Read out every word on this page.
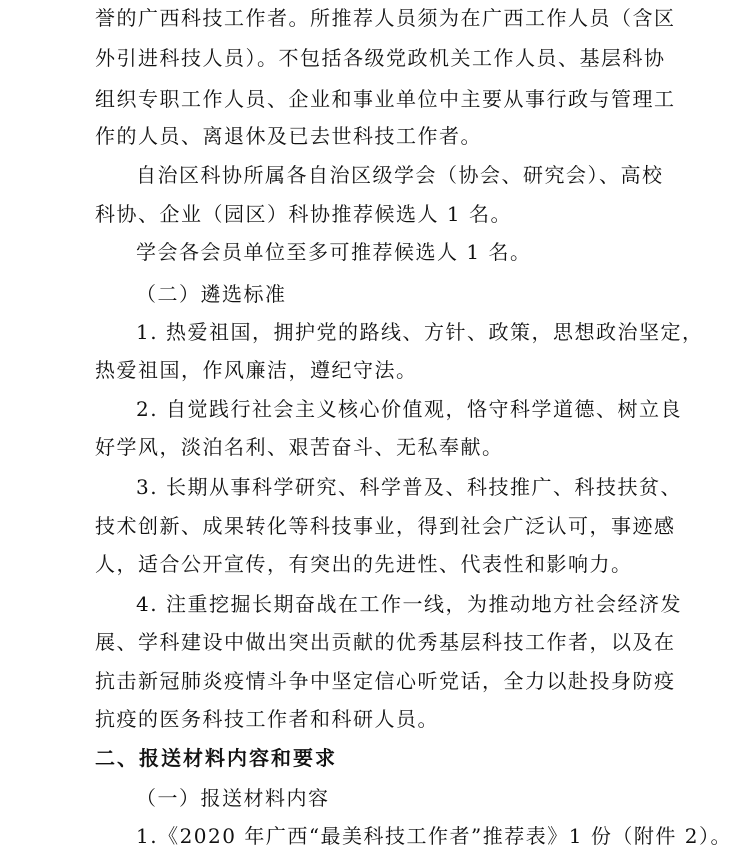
誉的广西科技工作者。所推荐人员须为在广西工作人员（含区
外引进科技人员）。不包括各级党政机关工作人员、基层科协
组织专职工作人员、企业和事业单位中主要从事行政与管理工
作的人员、离退休及已去世科技工作者。
自治区科协所属各自治区级学会（协会、研究会）、高校
科协、企业（园区）科协推荐候选人 1 名。
学会各会员单位至多可推荐候选人 1 名。
（二）遴选标准
1. 热爱祖国，拥护党的路线、方针、政策，思想政治坚定，
热爱祖国，作风廉洁，遵纪守法。
2. 自觉践行社会主义核心价值观，恪守科学道德、树立良
好学风，淡泊名利、艰苦奋斗、无私奉献。
3. 长期从事科学研究、科学普及、科技推广、科技扶贫、
技术创新、成果转化等科技事业，得到社会广泛认可，事迹感
人，适合公开宣传，有突出的先进性、代表性和影响力。
4. 注重挖掘长期奋战在工作一线，为推动地方社会经济发
展、学科建设中做出突出贡献的优秀基层科技工作者，以及在
抗击新冠肺炎疫情斗争中坚定信心听党话，全力以赴投身防疫
抗疫的医务科技工作者和科研人员。
二、报送材料内容和要求
（一）报送材料内容
1.《2020 年广西“最美科技工作者”推荐表》1 份（附件 2）。
